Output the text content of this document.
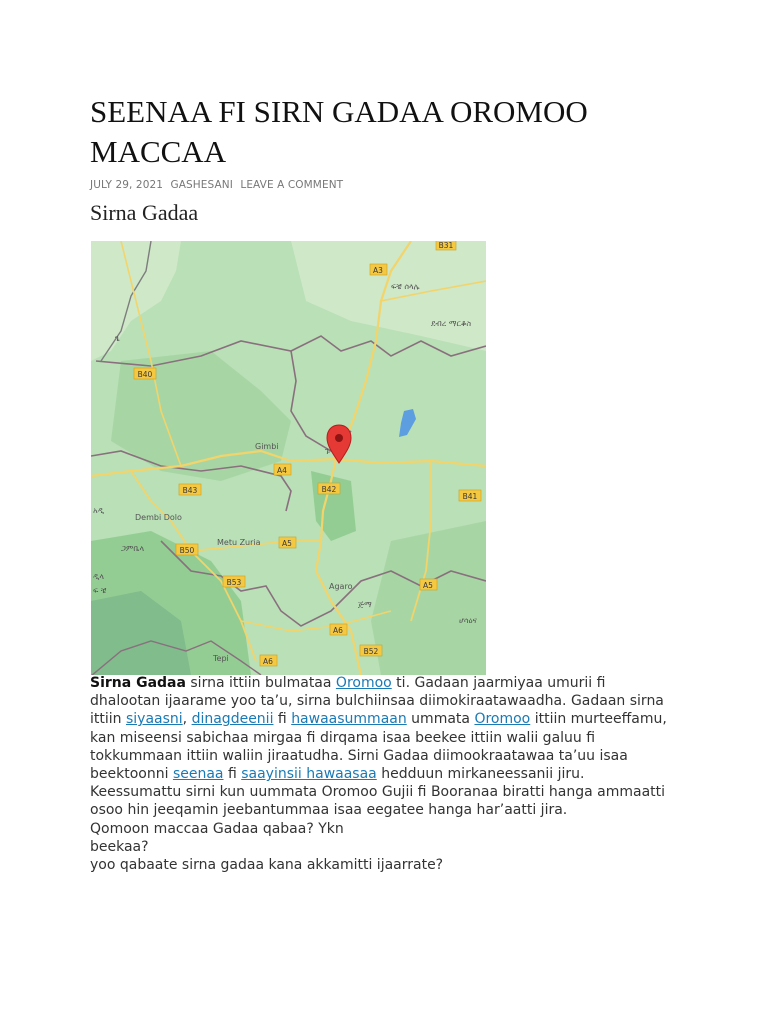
SEENAA FI SIRN GADAA OROMOO
MACCAA
JULY 29, 2021 GASHESANI LEAVE A COMMENT
Sirna Gadaa
B31
A3
B40
A4
B43	B42
B41
B50
A5
B53	A5
A6
B52
A6
Gimbi
Dembi Dolo
Metu Zuria
Agaro
Tepi
ፍቼ ሰላሌ
ደብረ ማርቆስ
ጋምቤላ
ጅማ
ሆሳዕና
ዲላ
ፍ ቼ
ጌ
ጉ
አዲ

Sirna Gadaa sirna ittiin bulmataa Oromoo ti. Gadaan jaarmiyaa umurii fi dhalootan ijaarame yoo ta’u, sirna bulchiinsaa diimokiraatawaadha. Gadaan sirna ittiin siyaasni, dinagdeenii fi hawaasummaan ummata Oromoo ittiin murteeffamu, kan miseensi sabichaa mirgaa fi dirqama isaa beekee ittiin walii galuu fi tokkummaan ittiin waliin jiraatudha. Sirni Gadaa diimookraatawaa ta’uu isaa beektoonni seenaa fi saayinsii hawaasaa hedduun mirkaneessanii jiru. Keessumattu sirni kun uummata Oromoo Gujii fi Booranaa biratti hanga ammaatti osoo hin jeeqamin jeebantummaa isaa eegatee hanga har’aatti jira.

Qomoon maccaa Gadaa qabaa? Ykn

beekaa?

yoo qabaate sirna gadaa kana akkamitti ijaarrate?
